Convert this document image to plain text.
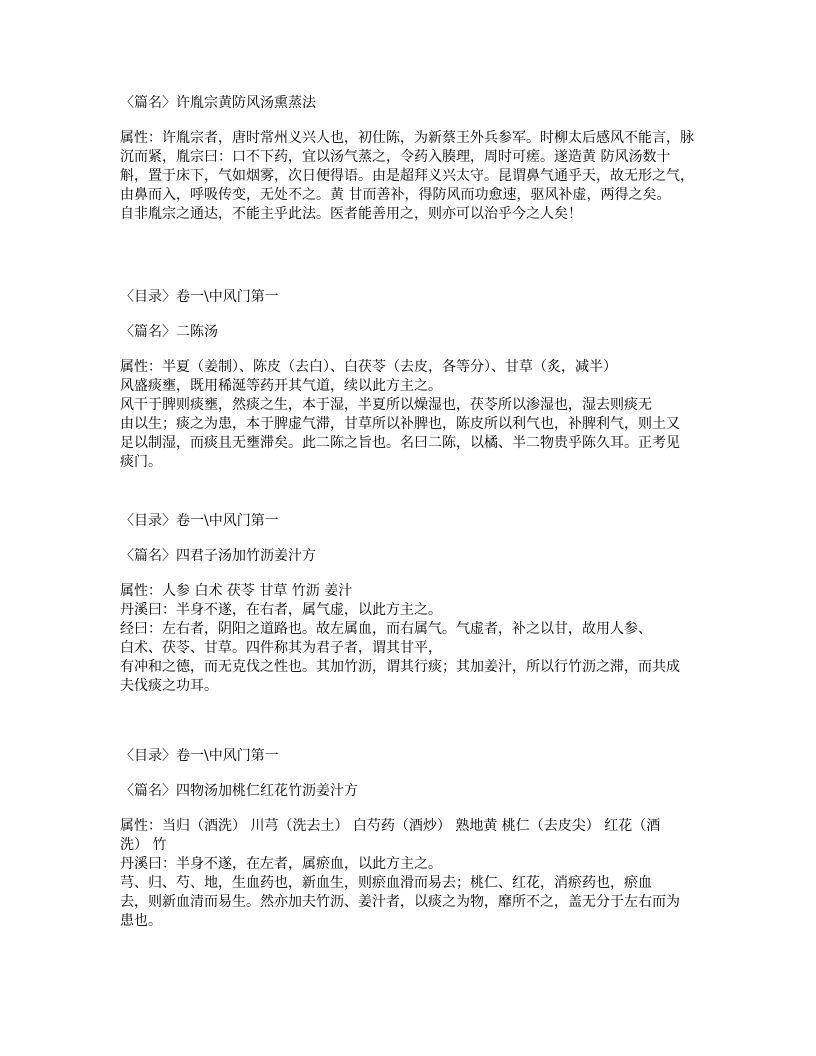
〈篇名〉许胤宗黄防风汤熏蒸法
属性：许胤宗者，唐时常州义兴人也，初仕陈，为新蔡王外兵参军。时柳太后感风不能言，脉
沉而紧，胤宗曰：口不下药，宜以汤气蒸之，令药入腠理，周时可瘥。遂造黄 防风汤数十
斛，置于床下，气如烟雾，次日便得语。由是超拜义兴太守。昆谓鼻气通乎天，故无形之气，
由鼻而入，呼吸传变，无处不之。黄 甘而善补，得防风而功愈速，驱风补虚，两得之矣。
自非胤宗之通达，不能主乎此法。医者能善用之，则亦可以治乎今之人矣！
〈目录〉卷一\中风门第一
〈篇名〉二陈汤
属性：半夏（姜制）、陈皮（去白）、白茯苓（去皮，各等分）、甘草（炙，减半）
风盛痰壅，既用稀涎等药开其气道，续以此方主之。
风干于脾则痰壅，然痰之生，本于湿，半夏所以燥湿也，茯苓所以渗湿也，湿去则痰无
由以生；痰之为患，本于脾虚气滞，甘草所以补脾也，陈皮所以利气也，补脾利气，则土又
足以制湿，而痰且无壅滞矣。此二陈之旨也。名曰二陈，以橘、半二物贵乎陈久耳。正考见
痰门。
〈目录〉卷一\中风门第一
〈篇名〉四君子汤加竹沥姜汁方
属性：人参 白术 茯苓 甘草 竹沥 姜汁
丹溪曰：半身不遂，在右者，属气虚，以此方主之。
经曰：左右者，阴阳之道路也。故左属血，而右属气。气虚者，补之以甘，故用人参、
白术、茯苓、甘草。四件称其为君子者，谓其甘平，
有冲和之德，而无克伐之性也。其加竹沥，谓其行痰；其加姜汁，所以行竹沥之滞，而共成
夫伐痰之功耳。
〈目录〉卷一\中风门第一
〈篇名〉四物汤加桃仁红花竹沥姜汁方
属性：当归（酒洗） 川芎（洗去土） 白芍药（酒炒） 熟地黄 桃仁（去皮尖） 红花（酒
洗） 竹
丹溪曰：半身不遂，在左者，属瘀血，以此方主之。
芎、归、芍、地，生血药也，新血生，则瘀血滑而易去；桃仁、红花，消瘀药也，瘀血
去，则新血清而易生。然亦加夫竹沥、姜汁者，以痰之为物，靡所不之，盖无分于左右而为
患也。
